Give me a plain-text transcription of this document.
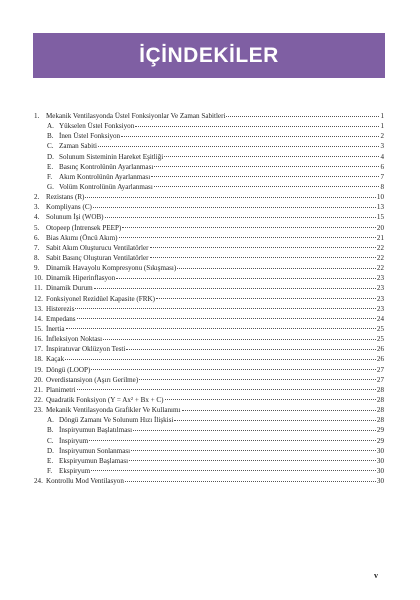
İÇİNDEKİLER
1. Mekanik Ventilasyonda Üstel Fonksiyonlar Ve Zaman Sabitleri	1
A. Yükselen Üstel Fonksiyon	1
B. İnen Üstel Fonksiyon	2
C. Zaman Sabiti	3
D. Solunum Sisteminin Hareket Eşitliği	4
E. Basınç Kontrolünün Ayarlanması	6
F. Akım Kontrolünün Ayarlanması	7
G. Volüm Kontrolünün Ayarlanması	8
2. Rezistans (R)	10
3. Kompliyans (C)	13
4. Solunum İşi (WOB)	15
5. Otopeep (İntrensek PEEP)	20
6. Bias Akımı (Öncü Akım)	21
7. Sabit Akım Oluşturucu Ventilatörler	22
8. Sabit Basınç Oluşturan Ventilatörler	22
9. Dinamik Havayolu Kompresyonu (Sıkışması)	22
10. Dinamik Hiperinflasyon	23
11. Dinamik Durum	23
12. Fonksiyonel Rezidüel Kapasite (FRK)	23
13. Histerezis	23
14. Empedans	24
15. İnertia	25
16. İnfleksiyon Noktası	25
17. İnspiratuvar Oklüzyon Testi	26
18. Kaçak	26
19. Döngü (LOOP)	27
20. Overdistansiyon (Aşırı Gerilme)	27
21. Planimetri	28
22. Quadratik Fonksiyon (Y = Ax² + Bx + C)	28
23. Mekanik Ventilasyonda Grafikler Ve Kullanımı	28
A. Döngü Zamanı Ve Solunum Hızı İlişkisi	28
B. İnspiryumun Başlatılması	29
C. İnspiryum	29
D. İnspiryumun Sonlanması	30
E. Ekspiryumun Başlaması	30
F. Ekspiryum	30
24. Kontrollu Mod Ventilasyon	30
v
